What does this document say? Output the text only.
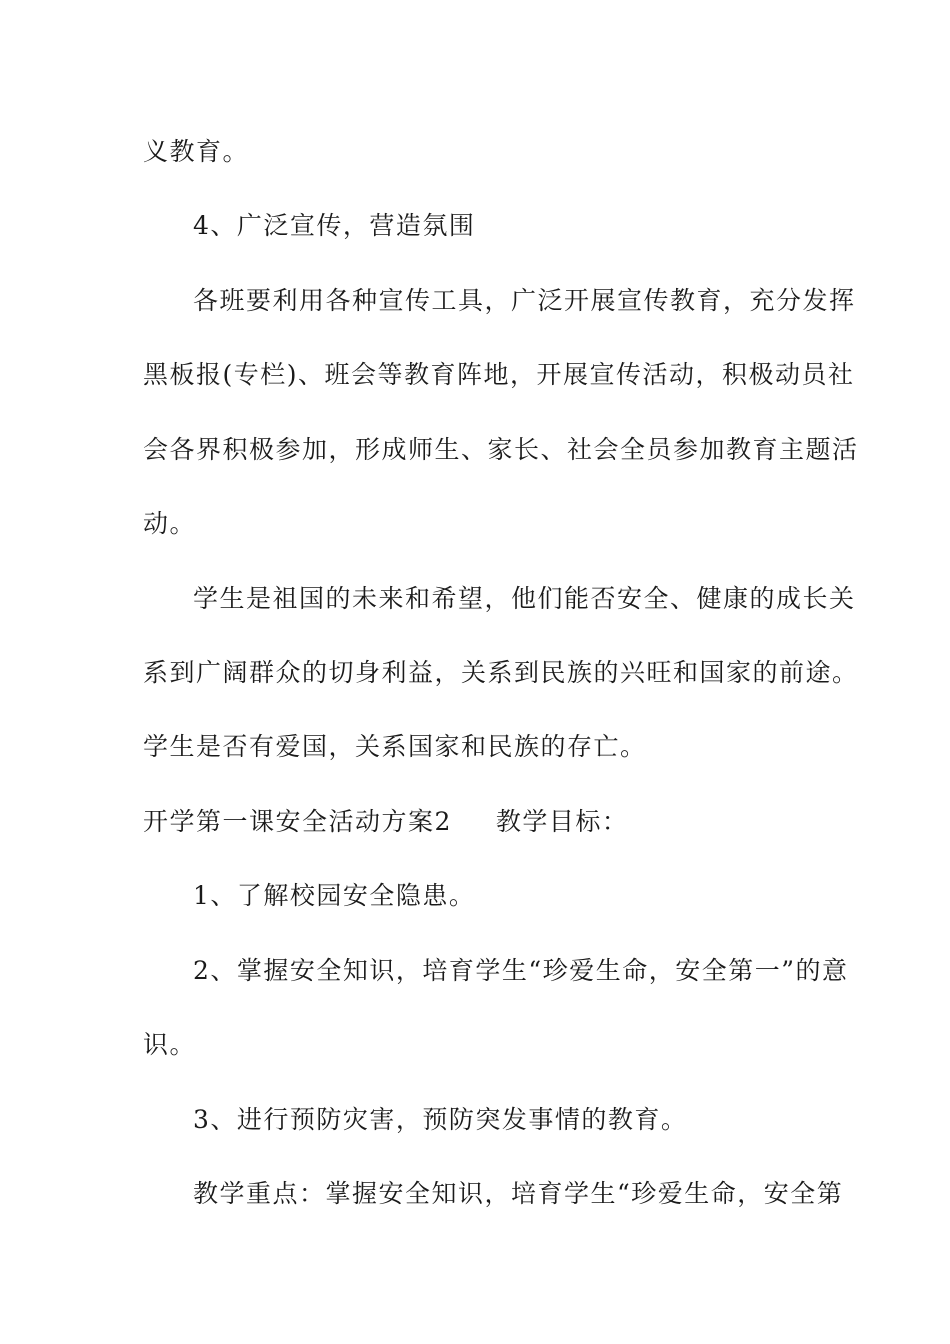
义教育。

4、广泛宣传，营造氛围

各班要利用各种宣传工具，广泛开展宣传教育，充分发挥

黑板报(专栏)、班会等教育阵地，开展宣传活动，积极动员社

会各界积极参加，形成师生、家长、社会全员参加教育主题活

动。

学生是祖国的未来和希望，他们能否安全、健康的成长关

系到广阔群众的切身利益，关系到民族的兴旺和国家的前途。

学生是否有爱国，关系国家和民族的存亡。

开学第一课安全活动方案2 教学目标：

1、了解校园安全隐患。

2、掌握安全知识，培育学生“珍爱生命，安全第一”的意

识。

3、进行预防灾害，预防突发事情的教育。

教学重点：掌握安全知识，培育学生“珍爱生命，安全第
